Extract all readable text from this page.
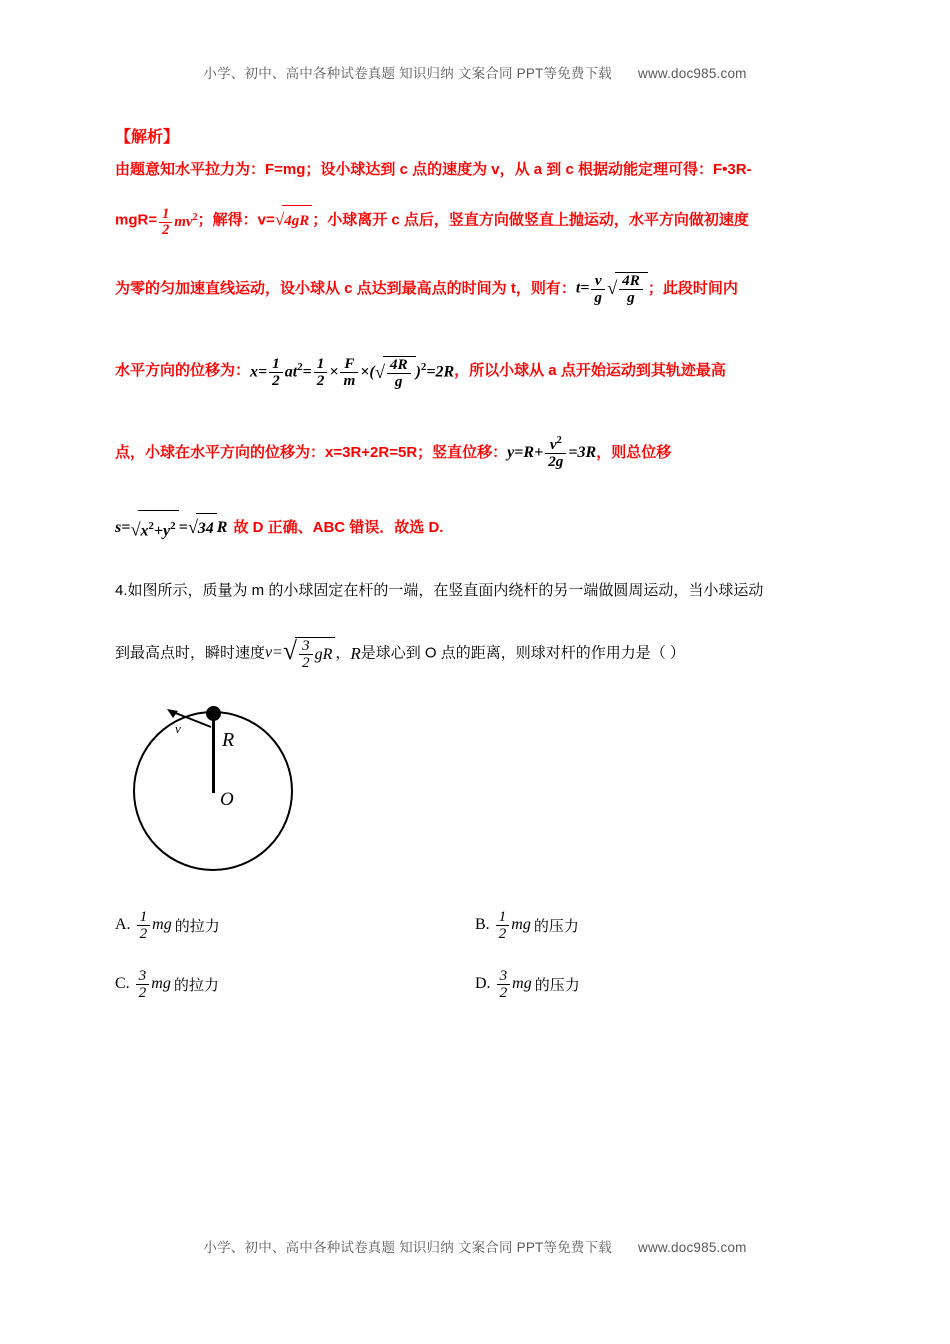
小学、初中、高中各种试卷真题 知识归纳 文案合同 PPT等免费下载 www.doc985.com
【解析】
由题意知水平拉力为：F=mg；设小球达到 c 点的速度为 v，从 a 到 c 根据动能定理可得：F•3R-
$mgR= \frac{1}{2} mv^2$；解得：v=√4gR ；小球离开 c 点后，竖直方向做竖直上抛运动，水平方向做初速度
为零的匀加速直线运动，设小球从 c 点达到最高点的时间为 t，则有：$t= \frac{v}{g}$ √ $\frac{4R}{g}$ ；此段时间内
水平方向的位移为：$x= \frac{1}{2} at^2= \frac{1}{2} \times \frac{F}{m}$ ×(√ $\frac{4R}{g} )^2=2R$，所以小球从 a 点开始运动到其轨迹最高
点，小球在水平方向的位移为：x=3R+2R=5R；竖直位移：$y=R+ \frac{v^2}{2g} =3R$，则总位移
$s=√x^2+y^2 =√34$ R 故 D 正确、ABC 错误．故选 D.
4.如图所示，质量为 m 的小球固定在杆的一端，在竖直面内绕杆的另一端做圆周运动，当小球运动
到最高点时，瞬时速度$v=√ \frac{3}{2}$ gR ，R是球心到 O 点的距离，则球对杆的作用力是（ ）
v
R
O
A. $\frac{1}{2}$ mg 的拉力	B. $\frac{1}{2}$ mg 的压力
C. $\frac{3}{2}$ mg 的拉力	D. $\frac{3}{2}$ mg 的压力
小学、初中、高中各种试卷真题 知识归纳 文案合同 PPT等免费下载 www.doc985.com
